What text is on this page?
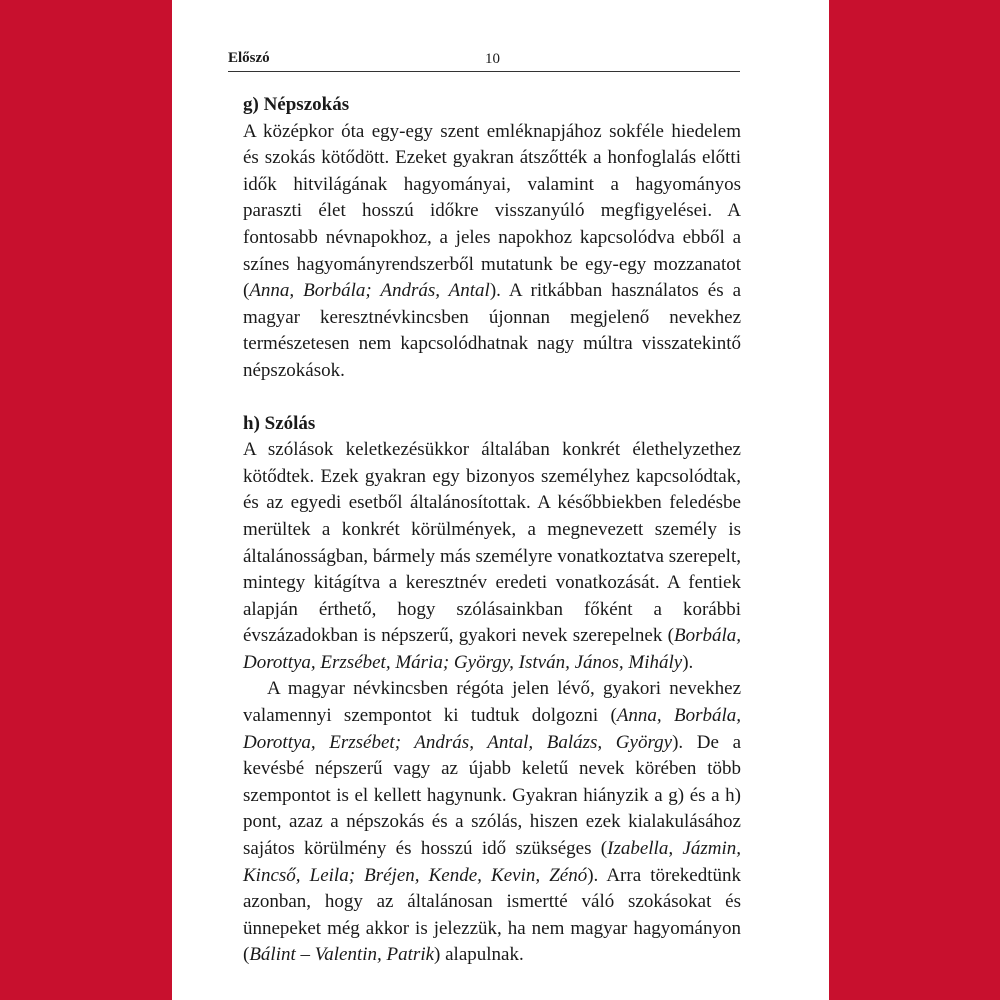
Előszó	10

g) Népszokás

A középkor óta egy-egy szent emléknapjához sokféle hiedelem és szokás kötődött. Ezeket gyakran átszőtték a honfoglalás előtti idők hitvilágának hagyományai, valamint a hagyományos paraszti élet hosszú időkre visszanyúló megfigyelései. A fontosabb névnapokhoz, a jeles napokhoz kapcsolódva ebből a színes hagyományrendszerből mutatunk be egy-egy mozzanatot (Anna, Borbála; András, Antal). A ritkábban használatos és a magyar keresztnévkincsben újonnan megjelenő nevekhez természetesen nem kapcsolódhatnak nagy múltra visszatekintő népszokások.

h) Szólás

A szólások keletkezésükkor általában konkrét élethelyzethez kötődtek. Ezek gyakran egy bizonyos személyhez kapcsolódtak, és az egyedi esetből általánosítottak. A későbbiekben feledésbe merültek a konkrét körülmények, a megnevezett személy is általánosságban, bármely más személyre vonatkoztatva szerepelt, mintegy kitágítva a keresztnév eredeti vonatkozását. A fentiek alapján érthető, hogy szólásainkban főként a korábbi évszázadokban is népszerű, gyakori nevek szerepelnek (Borbála, Dorottya, Erzsébet, Mária; György, István, János, Mihály).

A magyar névkincsben régóta jelen lévő, gyakori nevekhez valamennyi szempontot ki tudtuk dolgozni (Anna, Borbála, Dorottya, Erzsébet; András, Antal, Balázs, György). De a kevésbé népszerű vagy az újabb keletű nevek körében több szempontot is el kellett hagynunk. Gyakran hiányzik a g) és a h) pont, azaz a népszokás és a szólás, hiszen ezek kialakulásához sajátos körülmény és hosszú idő szükséges (Izabella, Jázmin, Kincső, Leila; Bréjen, Kende, Kevin, Zénó). Arra törekedtünk azonban, hogy az általánosan ismertté váló szokásokat és ünnepeket még akkor is jelezzük, ha nem magyar hagyományon (Bálint – Valentin, Patrik) alapulnak.
